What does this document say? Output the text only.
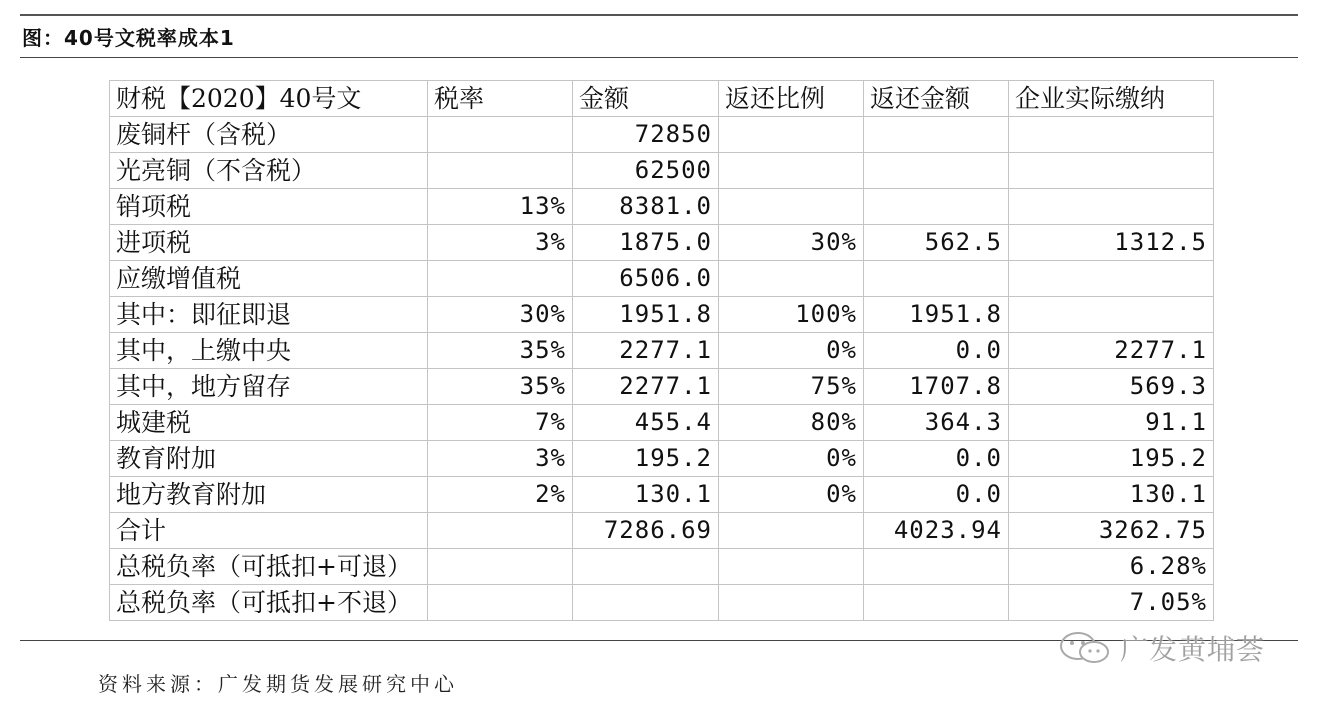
图：40号文税率成本1
财税【2020】40号文	税率	金额	返还比例	返还金额	企业实际缴纳
废铜杆（含税）		72850			
光亮铜（不含税）		62500			
销项税	13%	8381.0			
进项税	3%	1875.0	30%	562.5	1312.5
应缴增值税		6506.0			
其中：即征即退	30%	1951.8	100%	1951.8	
其中，上缴中央	35%	2277.1	0%	0.0	2277.1
其中，地方留存	35%	2277.1	75%	1707.8	569.3
城建税	7%	455.4	80%	364.3	91.1
教育附加	3%	195.2	0%	0.0	195.2
地方教育附加	2%	130.1	0%	0.0	130.1
合计		7286.69		4023.94	3262.75
总税负率（可抵扣+可退）					6.28%
总税负率（可抵扣+不退）					7.05%
广发黄埔荟
资料来源：广发期货发展研究中心
